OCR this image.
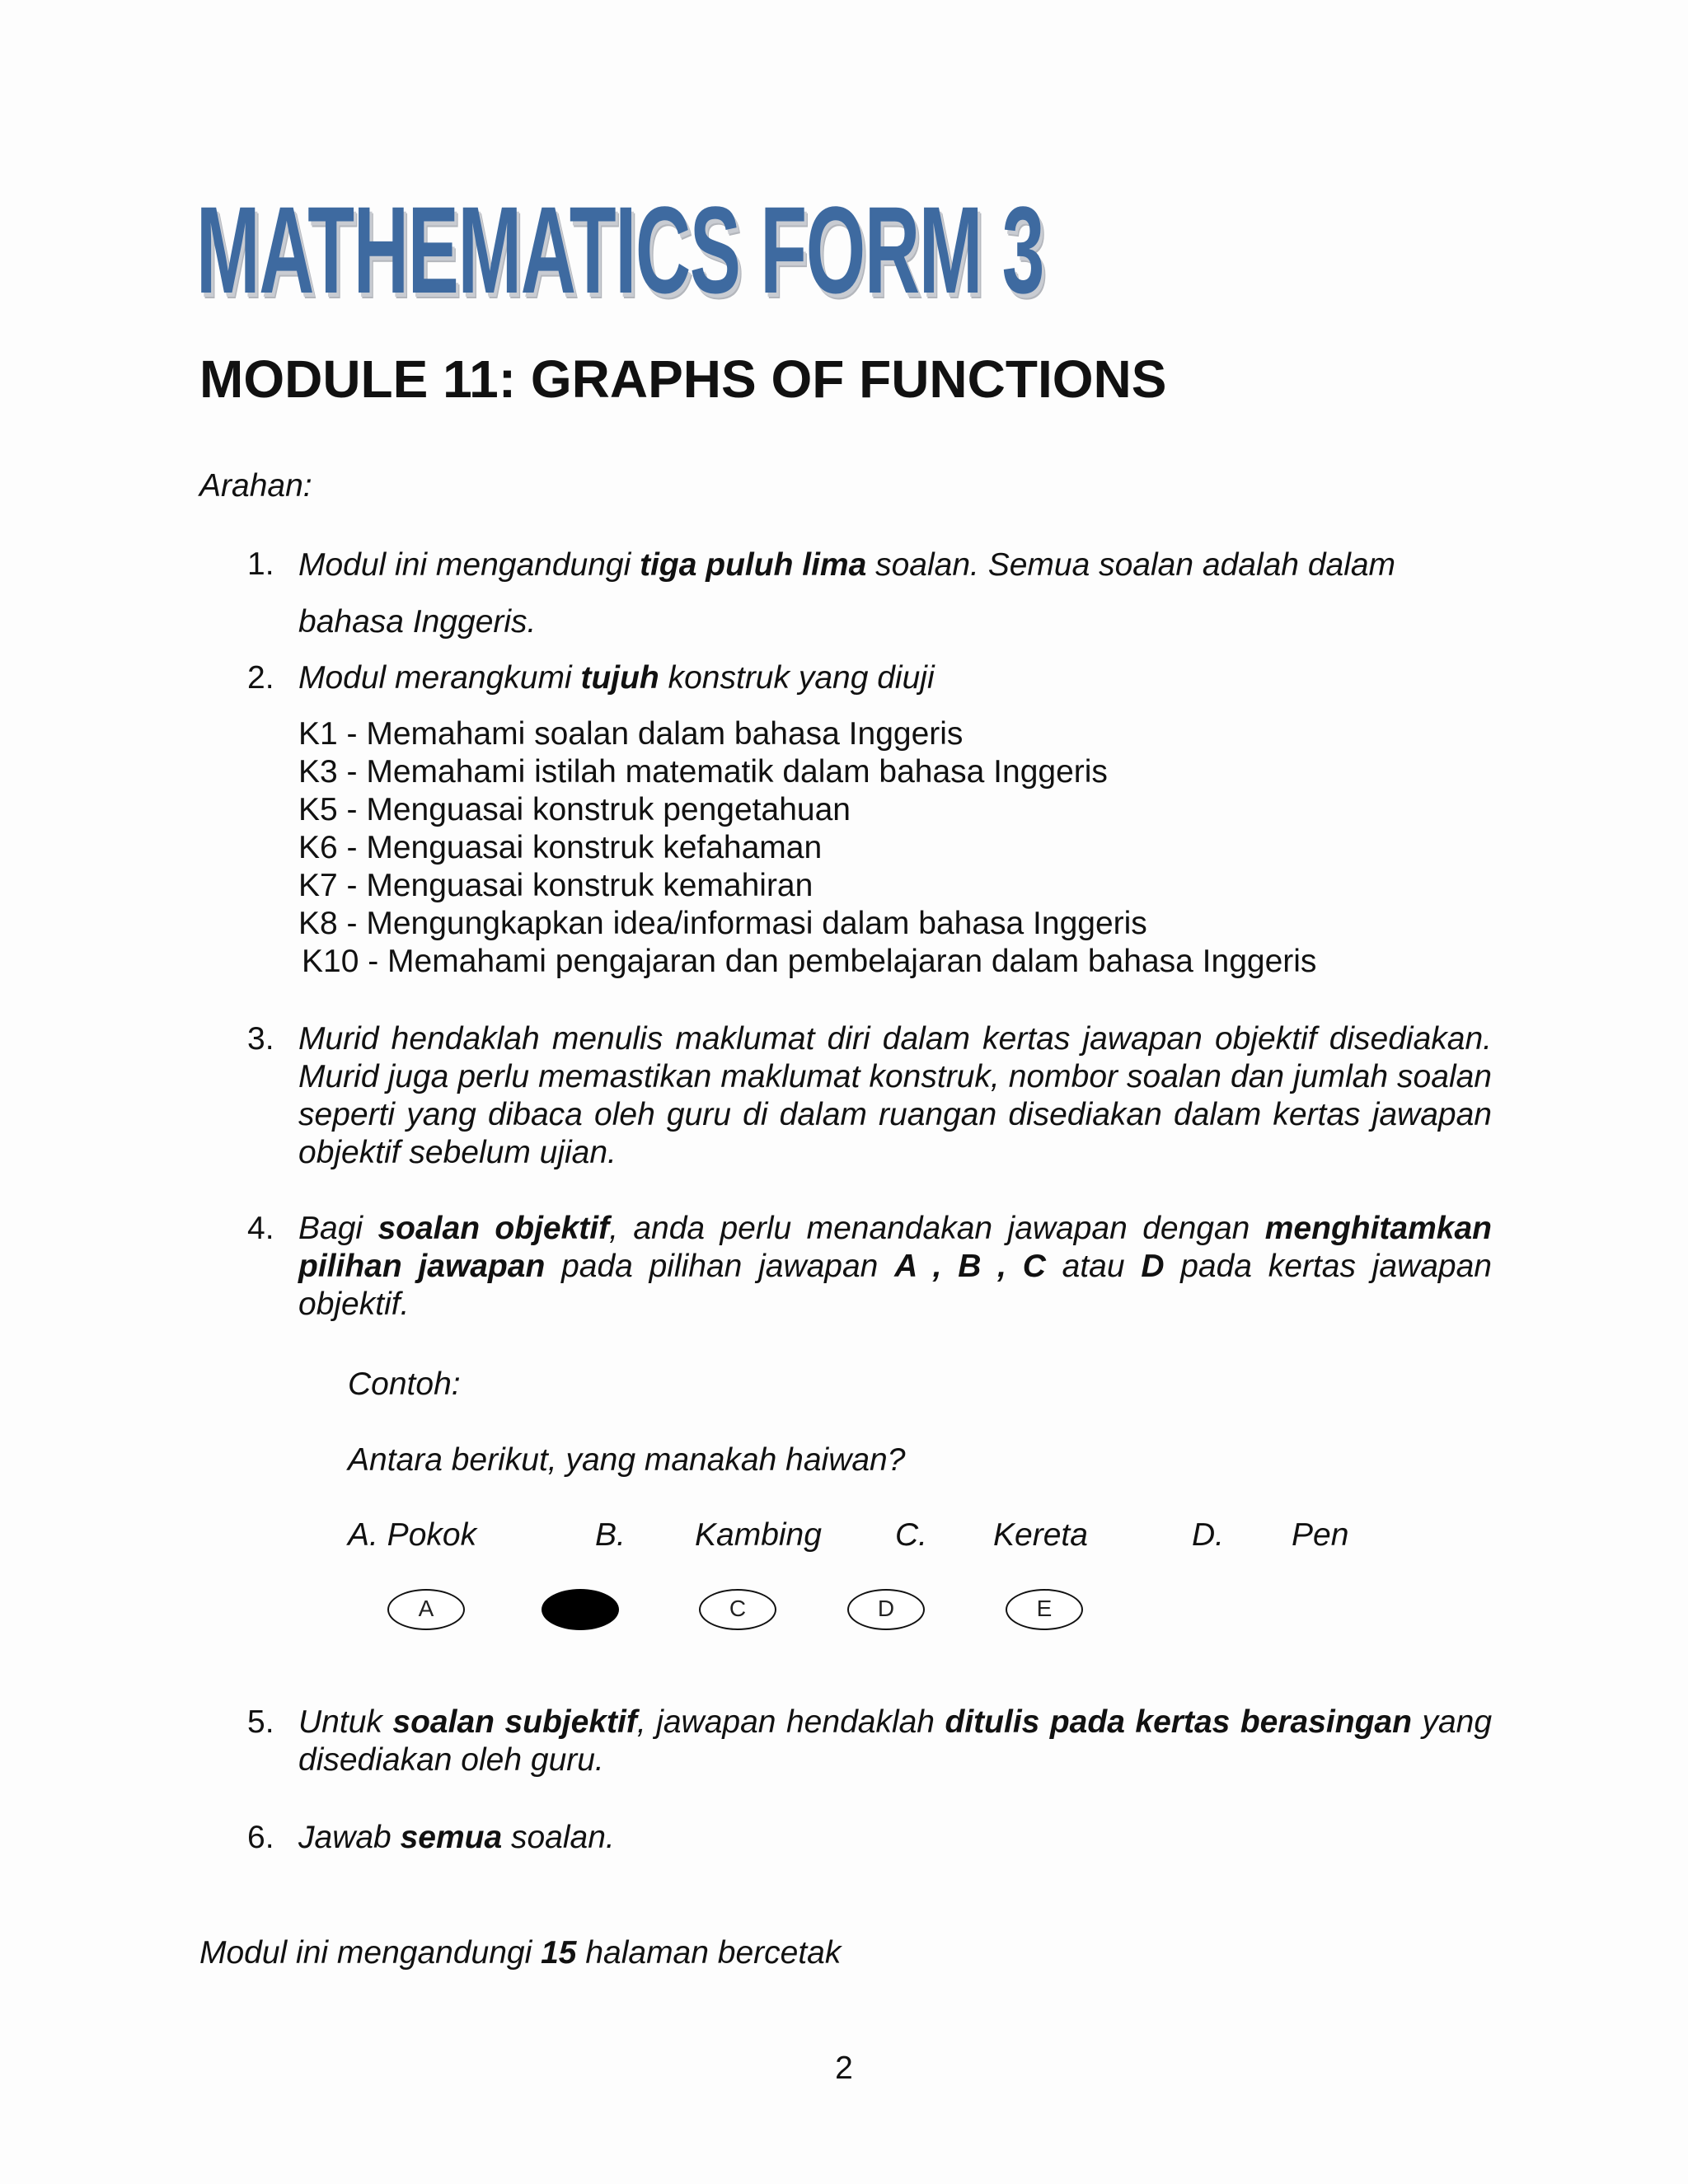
MATHEMATICS FORM 3
MODULE 11: GRAPHS OF FUNCTIONS
Arahan:
1. Modul ini mengandungi tiga puluh lima soalan. Semua soalan adalah dalam bahasa Inggeris.
2. Modul merangkumi tujuh konstruk yang diuji
K1 - Memahami soalan dalam bahasa Inggeris
K3 - Memahami istilah matematik dalam bahasa Inggeris
K5 - Menguasai konstruk pengetahuan
K6 - Menguasai konstruk kefahaman
K7 - Menguasai konstruk kemahiran
K8 - Mengungkapkan idea/informasi dalam bahasa Inggeris
K10 - Memahami pengajaran dan pembelajaran dalam bahasa Inggeris
3. Murid hendaklah menulis maklumat diri dalam kertas jawapan objektif disediakan. Murid juga perlu memastikan maklumat konstruk, nombor soalan dan jumlah soalan seperti yang dibaca oleh guru di dalam ruangan disediakan dalam kertas jawapan objektif sebelum ujian.
4. Bagi soalan objektif, anda perlu menandakan jawapan dengan menghitamkan pilihan jawapan pada pilihan jawapan A , B , C atau D pada kertas jawapan objektif.
Contoh:
Antara berikut, yang manakah haiwan?
A. Pokok	B. Kambing C. Kereta	D. Pen
A	C	D	E
5. Untuk soalan subjektif, jawapan hendaklah ditulis pada kertas berasingan yang disediakan oleh guru.
6. Jawab semua soalan.
Modul ini mengandungi 15 halaman bercetak
2
